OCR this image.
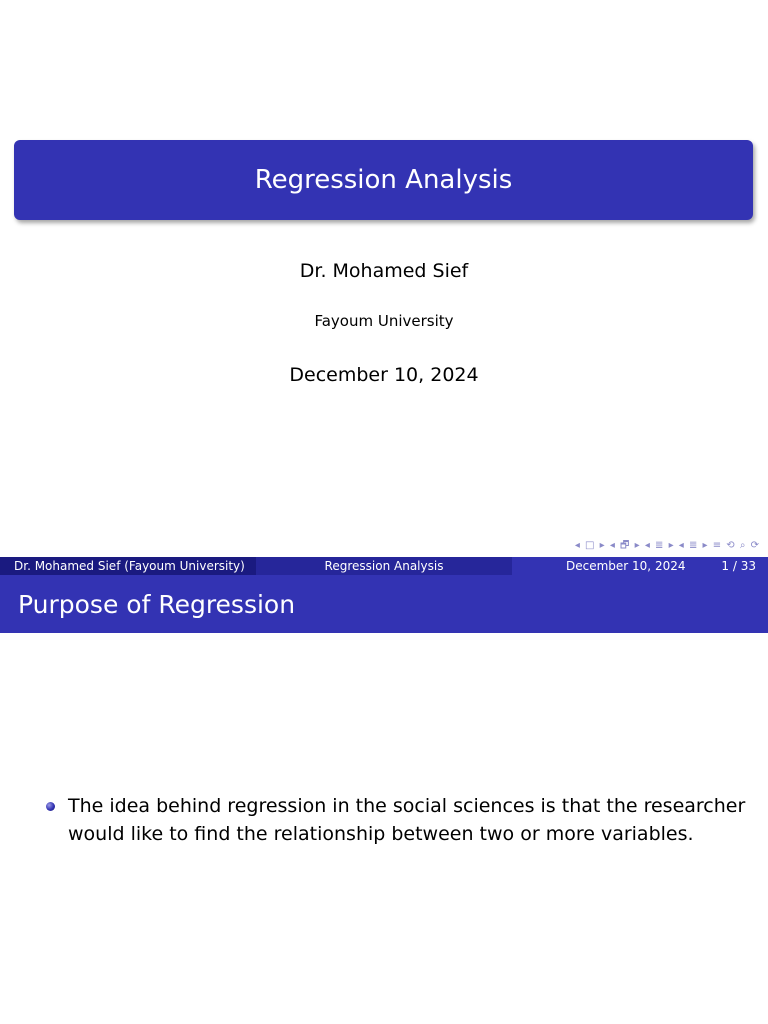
Regression Analysis
Dr. Mohamed Sief
Fayoum University
December 10, 2024
◂ □ ▸ ◂ 🗗 ▸ ◂ ≣ ▸ ◂ ≣ ▸ ≡ ⟲ ⌕ ⟳
Dr. Mohamed Sief (Fayoum University)	Regression Analysis	December 10, 2024	1 / 33
Purpose of Regression
The idea behind regression in the social sciences is that the researcher would like to find the relationship between two or more variables.
